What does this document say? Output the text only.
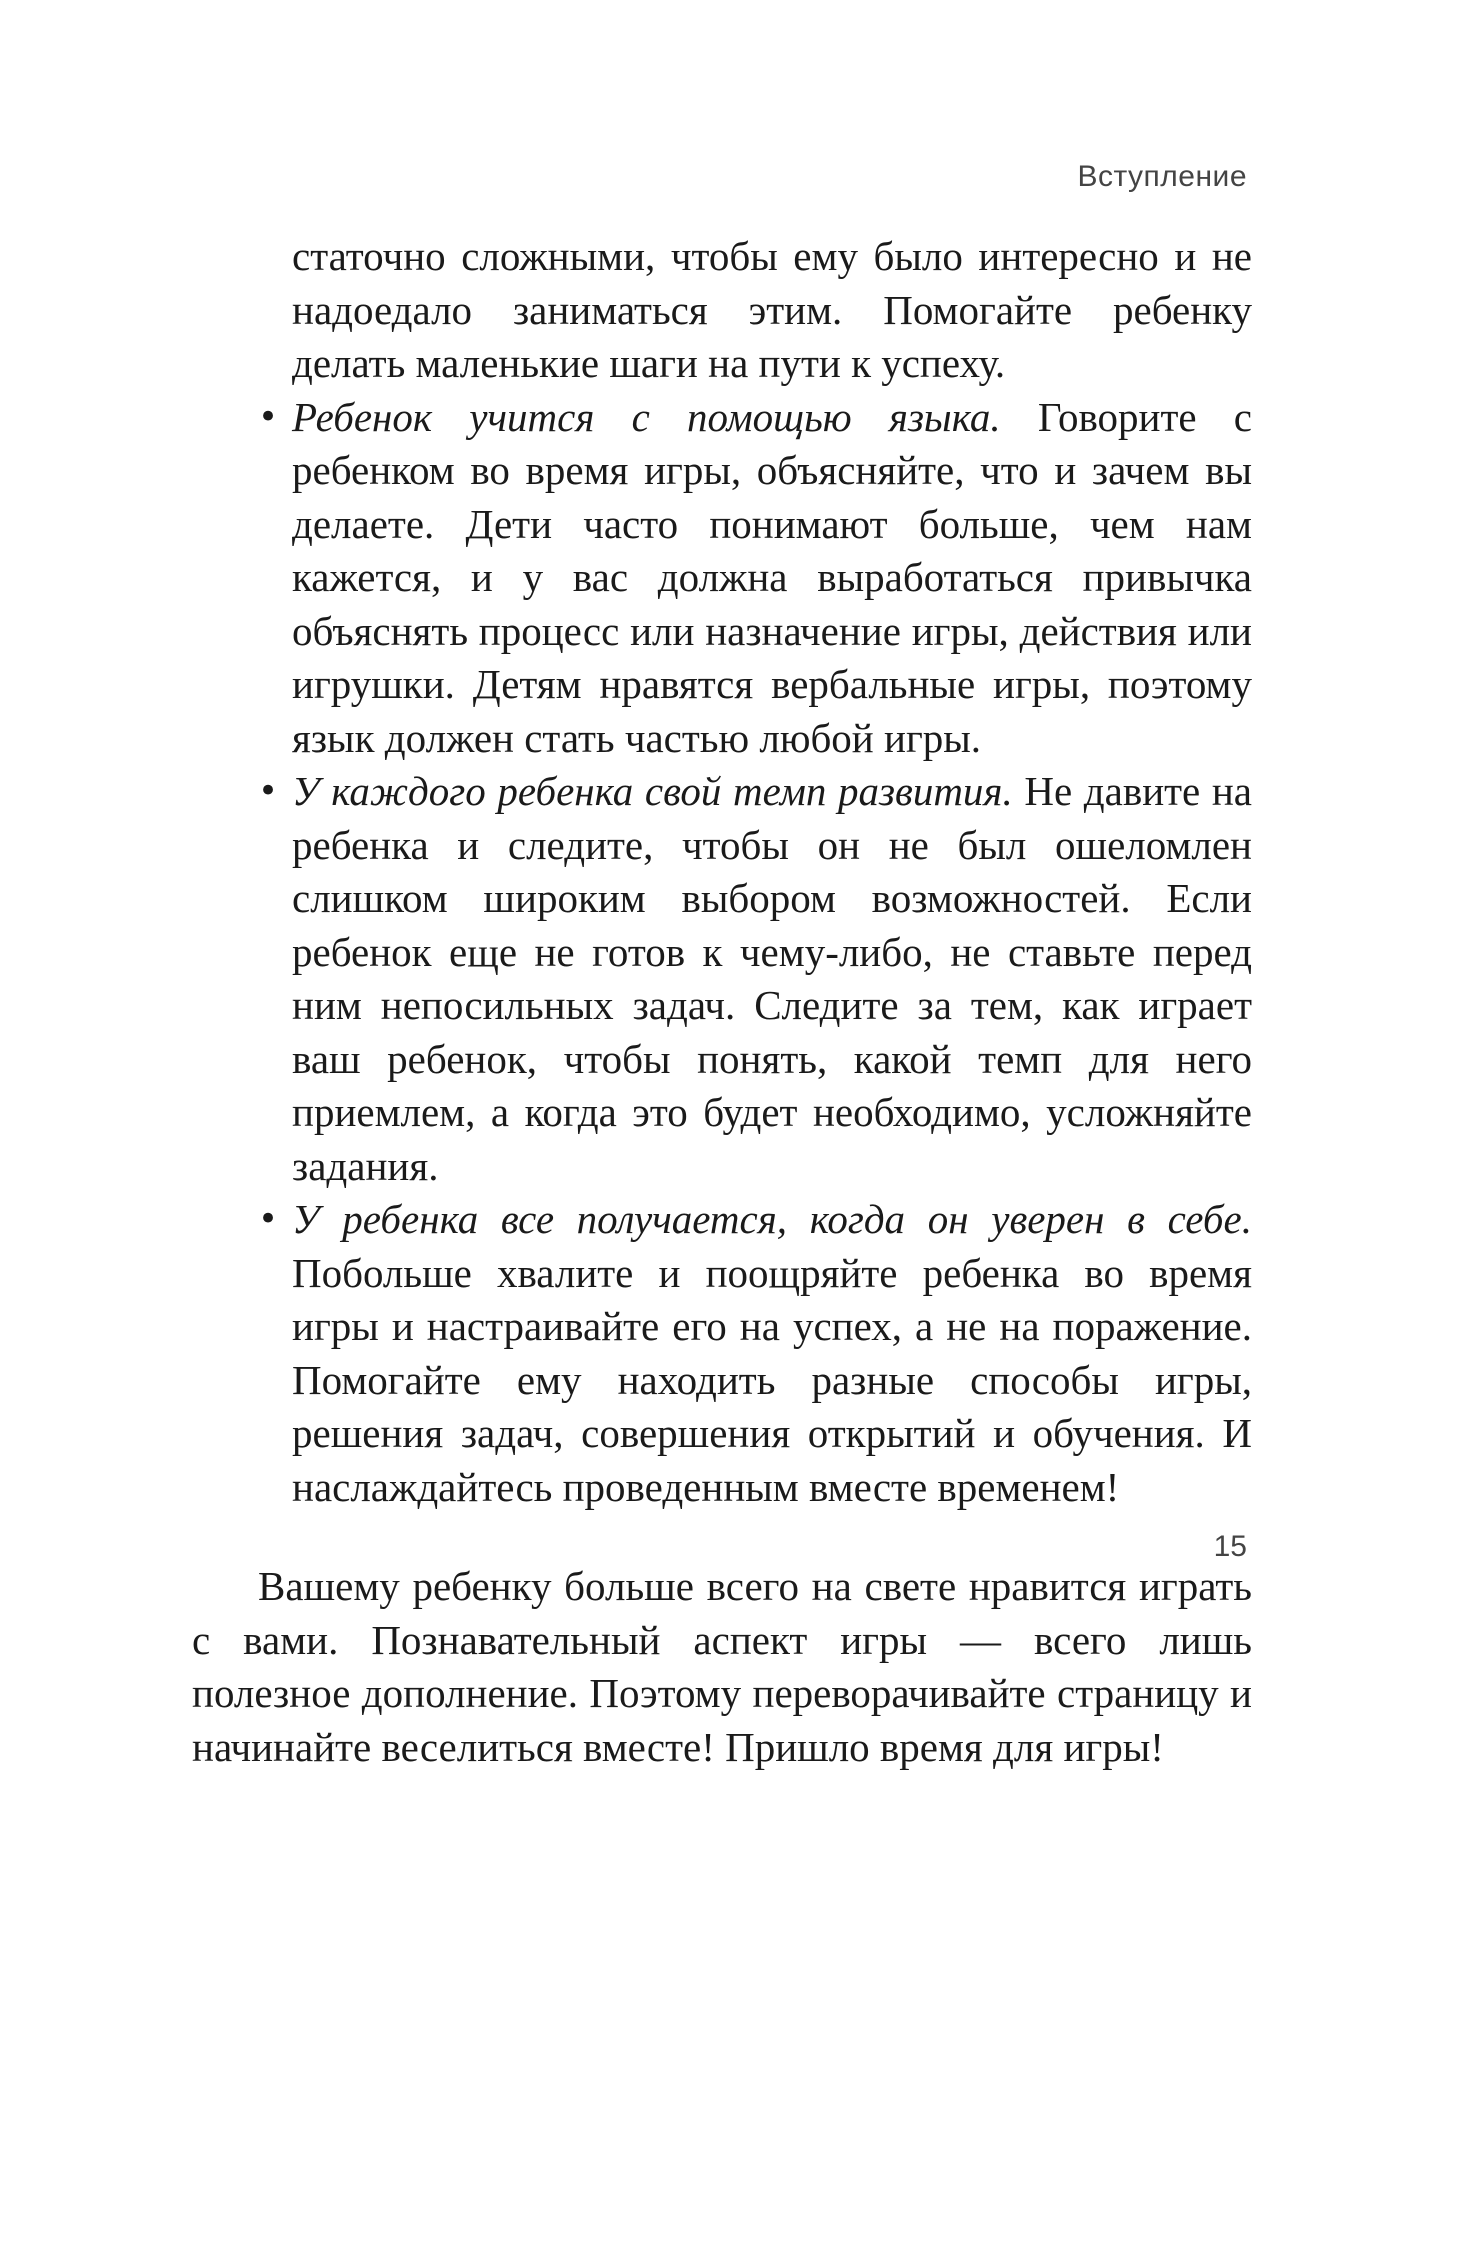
Вступление

статочно сложными, чтобы ему было интересно и не надоедало заниматься этим. Помогайте ребенку делать маленькие шаги на пути к успеху.

• Ребенок учится с помощью языка. Говорите с ребенком во время игры, объясняйте, что и зачем вы делаете. Дети часто понимают больше, чем нам кажется, и у вас должна выработаться привычка объяснять процесс или назначение игры, действия или игрушки. Детям нравятся вербальные игры, поэтому язык должен стать частью любой игры.
• У каждого ребенка свой темп развития. Не давите на ребенка и следите, чтобы он не был ошеломлен слишком широким выбором возможностей. Если ребенок еще не готов к чему-либо, не ставьте перед ним непосильных задач. Следите за тем, как играет ваш ребенок, чтобы понять, какой темп для него приемлем, а когда это будет необходимо, усложняйте задания.
• У ребенка все получается, когда он уверен в себе. Побольше хвалите и поощряйте ребенка во время игры и настраивайте его на успех, а не на поражение. Помогайте ему находить разные способы игры, решения задач, совершения открытий и обучения. И наслаждайтесь проведенным вместе временем!

Вашему ребенку больше всего на свете нравится играть с вами. Познавательный аспект игры — всего лишь полезное дополнение. Поэтому переворачивайте страницу и начинайте веселиться вместе! Пришло время для игры!

15
